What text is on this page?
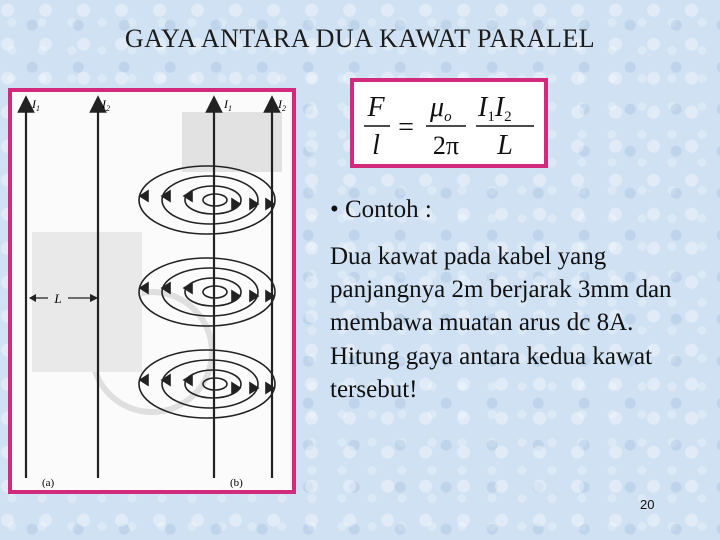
GAYA ANTARA DUA KAWAT PARALEL
L
$I_1$	$I_2$	$I_1$	$I_2$
(a)	(b)
F
l
=
μo
2π
I1I2
L
• Contoh :
Dua kawat pada kabel yang panjangnya 2m berjarak 3mm dan membawa muatan arus dc 8A. Hitung gaya antara kedua kawat tersebut!
20
